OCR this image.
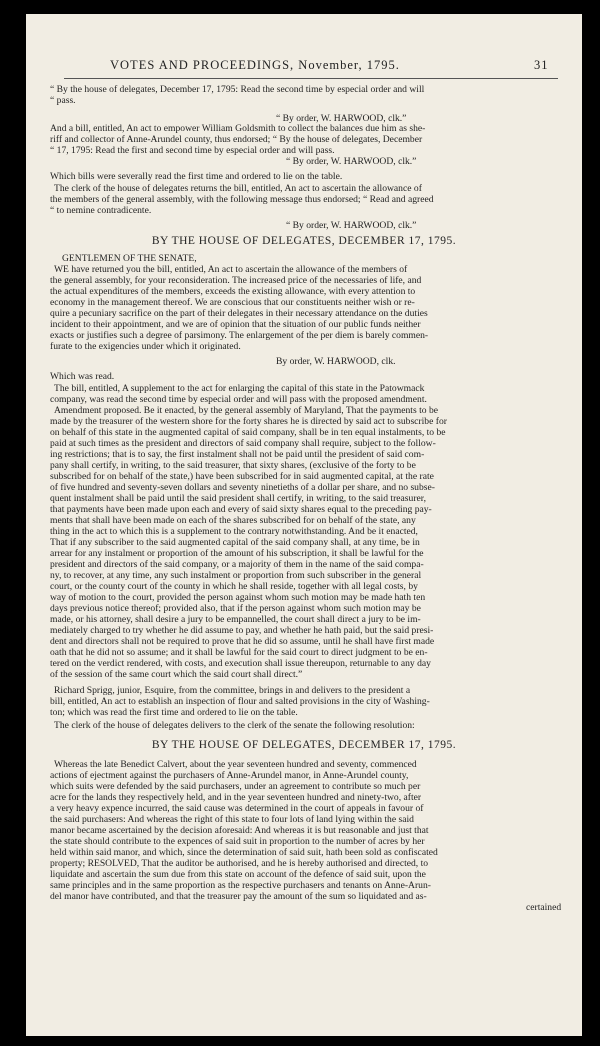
VOTES AND PROCEEDINGS, November, 1795.	31
“ By the house of delegates, December 17, 1795: Read the second time by especial order and will
“ pass.
“ By order, W. HARWOOD, clk.”
And a bill, entitled, An act to empower William Goldsmith to collect the balances due him as she-
riff and collector of Anne-Arundel county, thus endorsed; “ By the house of delegates, December
“ 17, 1795: Read the first and second time by especial order and will pass.
“ By order, W. HARWOOD, clk.”
Which bills were severally read the first time and ordered to lie on the table.
The clerk of the house of delegates returns the bill, entitled, An act to ascertain the allowance of
the members of the general assembly, with the following message thus endorsed; “ Read and agreed
“ to nemine contradicente.
“ By order, W. HARWOOD, clk.”
BY THE HOUSE OF DELEGATES, DECEMBER 17, 1795.
GENTLEMEN OF THE SENATE,
WE have returned you the bill, entitled, An act to ascertain the allowance of the members of
the general assembly, for your reconsideration. The increased price of the necessaries of life, and
the actual expenditures of the members, exceeds the existing allowance, with every attention to
economy in the management thereof. We are conscious that our constituents neither wish or re-
quire a pecuniary sacrifice on the part of their delegates in their necessary attendance on the duties
incident to their appointment, and we are of opinion that the situation of our public funds neither
exacts or justifies such a degree of parsimony. The enlargement of the per diem is barely commen-
furate to the exigencies under which it originated.
By order, W. HARWOOD, clk.
Which was read.
The bill, entitled, A supplement to the act for enlarging the capital of this state in the Patowmack
company, was read the second time by especial order and will pass with the proposed amendment.
Amendment proposed. Be it enacted, by the general assembly of Maryland, That the payments to be
made by the treasurer of the western shore for the forty shares he is directed by said act to subscribe for
on behalf of this state in the augmented capital of said company, shall be in ten equal instalments, to be
paid at such times as the president and directors of said company shall require, subject to the follow-
ing restrictions; that is to say, the first instalment shall not be paid until the president of said com-
pany shall certify, in writing, to the said treasurer, that sixty shares, (exclusive of the forty to be
subscribed for on behalf of the state,) have been subscribed for in said augmented capital, at the rate
of five hundred and seventy-seven dollars and seventy ninetieths of a dollar per share, and no subse-
quent instalment shall be paid until the said president shall certify, in writing, to the said treasurer,
that payments have been made upon each and every of said sixty shares equal to the preceding pay-
ments that shall have been made on each of the shares subscribed for on behalf of the state, any
thing in the act to which this is a supplement to the contrary notwithstanding. And be it enacted,
That if any subscriber to the said augmented capital of the said company shall, at any time, be in
arrear for any instalment or proportion of the amount of his subscription, it shall be lawful for the
president and directors of the said company, or a majority of them in the name of the said compa-
ny, to recover, at any time, any such instalment or proportion from such subscriber in the general
court, or the county court of the county in which he shall reside, together with all legal costs, by
way of motion to the court, provided the person against whom such motion may be made hath ten
days previous notice thereof; provided also, that if the person against whom such motion may be
made, or his attorney, shall desire a jury to be empannelled, the court shall direct a jury to be im-
mediately charged to try whether he did assume to pay, and whether he hath paid, but the said presi-
dent and directors shall not be required to prove that he did so assume, until he shall have first made
oath that he did not so assume; and it shall be lawful for the said court to direct judgment to be en-
tered on the verdict rendered, with costs, and execution shall issue thereupon, returnable to any day
of the session of the same court which the said court shall direct.”
Richard Sprigg, junior, Esquire, from the committee, brings in and delivers to the president a
bill, entitled, An act to establish an inspection of flour and salted provisions in the city of Washing-
ton; which was read the first time and ordered to lie on the table.
The clerk of the house of delegates delivers to the clerk of the senate the following resolution:
BY THE HOUSE OF DELEGATES, DECEMBER 17, 1795.
Whereas the late Benedict Calvert, about the year seventeen hundred and seventy, commenced
actions of ejectment against the purchasers of Anne-Arundel manor, in Anne-Arundel county,
which suits were defended by the said purchasers, under an agreement to contribute so much per
acre for the lands they respectively held, and in the year seventeen hundred and ninety-two, after
a very heavy expence incurred, the said cause was determined in the court of appeals in favour of
the said purchasers: And whereas the right of this state to four lots of land lying within the said
manor became ascertained by the decision aforesaid: And whereas it is but reasonable and just that
the state should contribute to the expences of said suit in proportion to the number of acres by her
held within said manor, and which, since the determination of said suit, hath been sold as confiscated
property; RESOLVED, That the auditor be authorised, and he is hereby authorised and directed, to
liquidate and ascertain the sum due from this state on account of the defence of said suit, upon the
same principles and in the same proportion as the respective purchasers and tenants on Anne-Arun-
del manor have contributed, and that the treasurer pay the amount of the sum so liquidated and as-
certained
